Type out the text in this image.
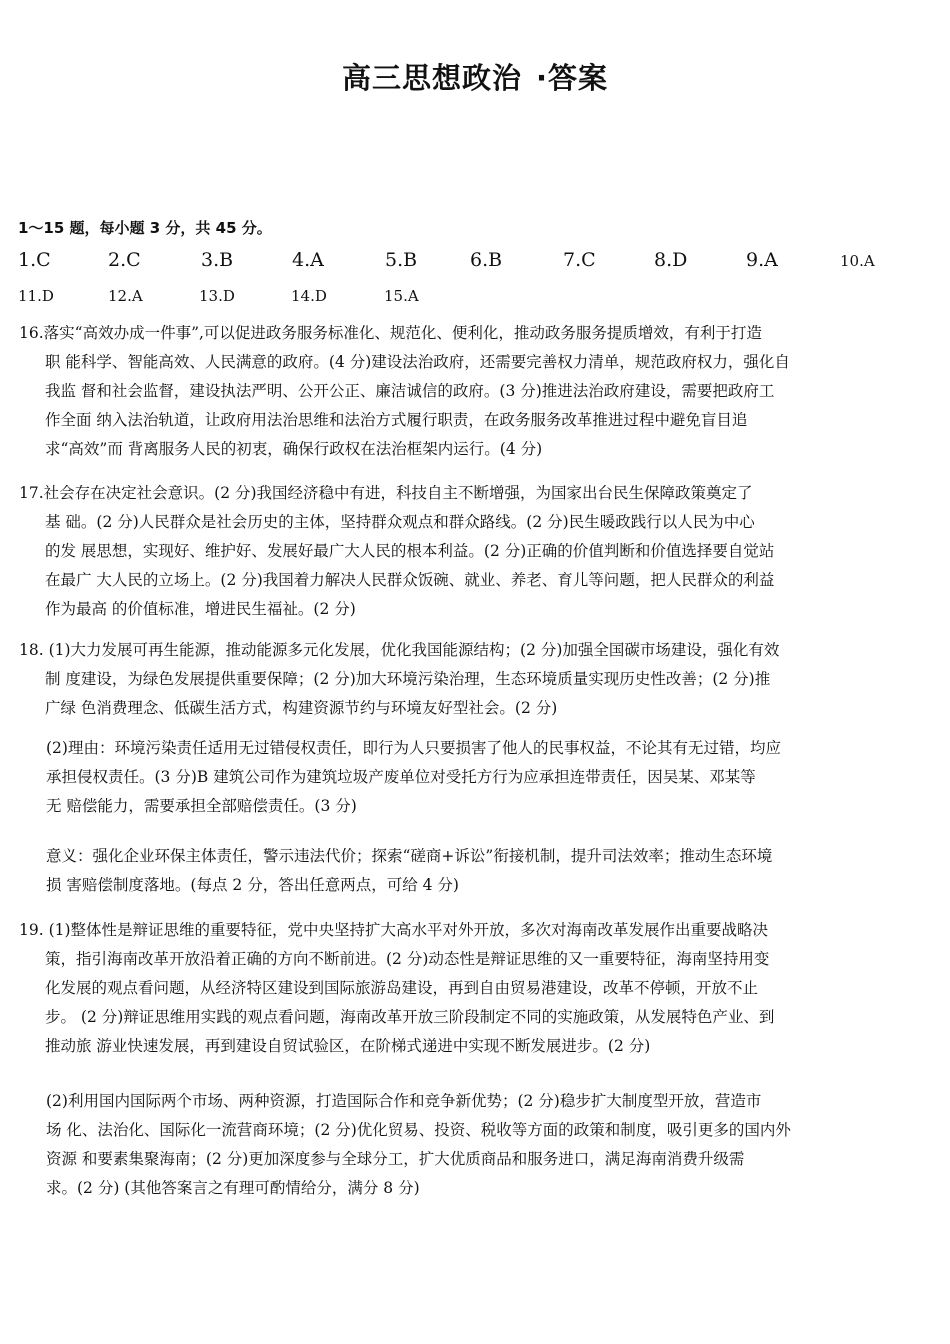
高三思想政治 ·答案
1～15 题，每小题 3 分，共 45 分。
1.C	2.C	3.B	4.A	5.B	6.B	7.C	8.D	9.A	10.A
11.D	12.A	13.D	14.D	15.A
16.落实“高效办成一件事”,可以促进政务服务标准化、规范化、便利化，推动政务服务提质增效，有利于打造
职 能科学、智能高效、人民满意的政府。(4 分)建设法治政府，还需要完善权力清单，规范政府权力，强化自
我监 督和社会监督，建设执法严明、公开公正、廉洁诚信的政府。(3 分)推进法治政府建设，需要把政府工
作全面 纳入法治轨道，让政府用法治思维和法治方式履行职责，在政务服务改革推进过程中避免盲目追
求“高效”而 背离服务人民的初衷，确保行政权在法治框架内运行。(4 分)
17.社会存在决定社会意识。(2 分)我国经济稳中有进，科技自主不断增强，为国家出台民生保障政策奠定了
基 础。(2 分)人民群众是社会历史的主体，坚持群众观点和群众路线。(2 分)民生暖政践行以人民为中心
的发 展思想，实现好、维护好、发展好最广大人民的根本利益。(2 分)正确的价值判断和价值选择要自觉站
在最广 大人民的立场上。(2 分)我国着力解决人民群众饭碗、就业、养老、育儿等问题，把人民群众的利益
作为最高 的价值标准，增进民生福祉。(2 分)
18. (1)大力发展可再生能源，推动能源多元化发展，优化我国能源结构；(2 分)加强全国碳市场建设，强化有效
制 度建设，为绿色发展提供重要保障；(2 分)加大环境污染治理，生态环境质量实现历史性改善；(2 分)推
广绿 色消费理念、低碳生活方式，构建资源节约与环境友好型社会。(2 分)
(2)理由：环境污染责任适用无过错侵权责任，即行为人只要损害了他人的民事权益，不论其有无过错，均应
承担侵权责任。(3 分)B 建筑公司作为建筑垃圾产废单位对受托方行为应承担连带责任，因吴某、邓某等
无 赔偿能力，需要承担全部赔偿责任。(3 分)
意义：强化企业环保主体责任，警示违法代价；探索“磋商+诉讼”衔接机制，提升司法效率；推动生态环境
损 害赔偿制度落地。(每点 2 分，答出任意两点，可给 4 分)
19. (1)整体性是辩证思维的重要特征，党中央坚持扩大高水平对外开放，多次对海南改革发展作出重要战略决
策，指引海南改革开放沿着正确的方向不断前进。(2 分)动态性是辩证思维的又一重要特征，海南坚持用变
化发展的观点看问题，从经济特区建设到国际旅游岛建设，再到自由贸易港建设，改革不停顿，开放不止
步。 (2 分)辩证思维用实践的观点看问题，海南改革开放三阶段制定不同的实施政策，从发展特色产业、到
推动旅 游业快速发展，再到建设自贸试验区，在阶梯式递进中实现不断发展进步。(2 分)
(2)利用国内国际两个市场、两种资源，打造国际合作和竞争新优势；(2 分)稳步扩大制度型开放，营造市
场 化、法治化、国际化一流营商环境；(2 分)优化贸易、投资、税收等方面的政策和制度，吸引更多的国内外
资源 和要素集聚海南；(2 分)更加深度参与全球分工，扩大优质商品和服务进口，满足海南消费升级需
求。(2 分) (其他答案言之有理可酌情给分，满分 8 分)
